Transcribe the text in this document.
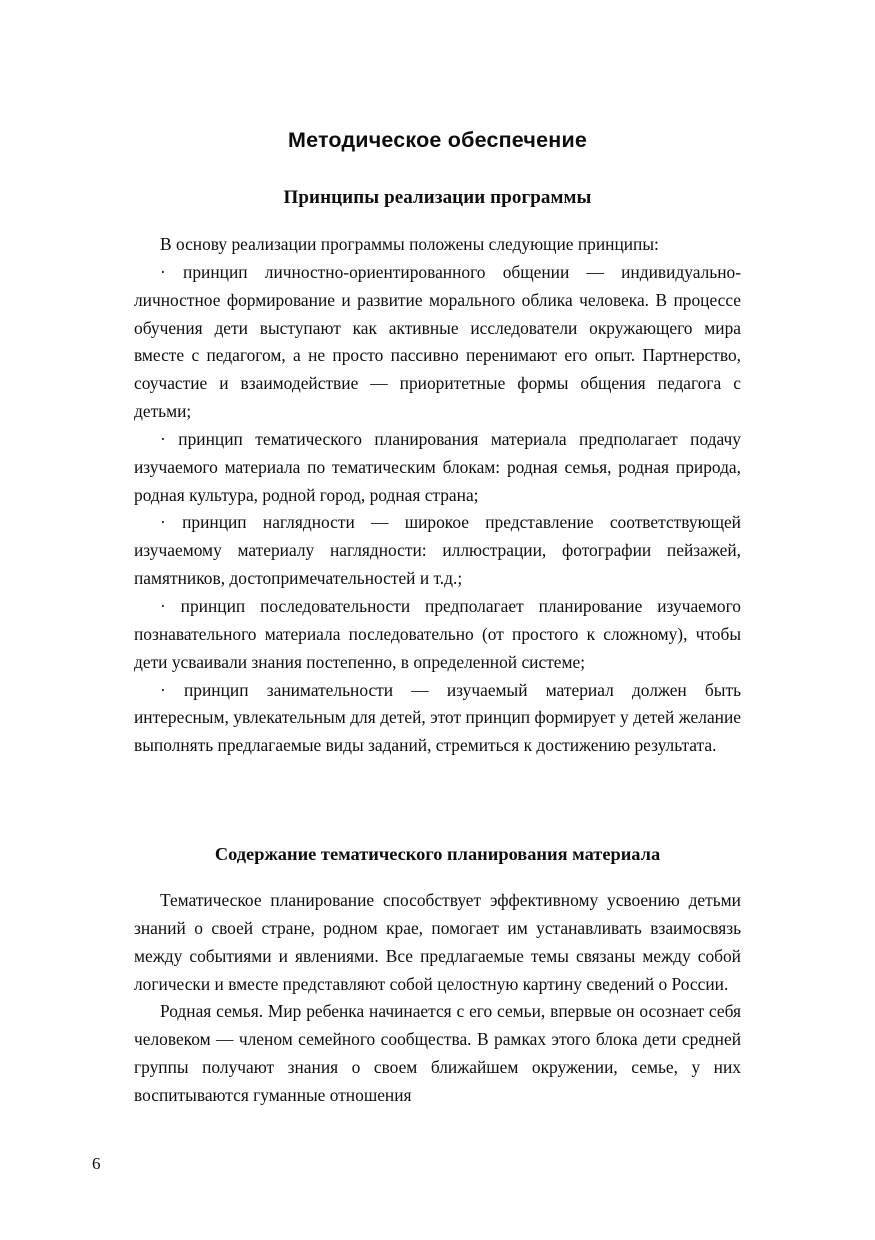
Методическое обеспечение
Принципы реализации программы

В основу реализации программы положены следующие принципы:

· принцип личностно-ориентированного общении — индивидуально-личностное формирование и развитие морального облика человека. В процессе обучения дети выступают как активные исследователи окружающего мира вместе с педагогом, а не просто пассивно перенимают его опыт. Партнерство, соучастие и взаимодействие — приоритетные формы общения педагога с детьми;

· принцип тематического планирования материала предполагает подачу изучаемого материала по тематическим блокам: родная семья, родная природа, родная культура, родной город, родная страна;

· принцип наглядности — широкое представление соответствующей изучаемому материалу наглядности: иллюстрации, фотографии пейзажей, памятников, достопримечательностей и т.д.;

· принцип последовательности предполагает планирование изучаемого познавательного материала последовательно (от простого к сложному), чтобы дети усваивали знания постепенно, в определенной системе;

· принцип занимательности — изучаемый материал должен быть интересным, увлекательным для детей, этот принцип формирует у детей желание выполнять предлагаемые виды заданий, стремиться к достижению результата.

Содержание тематического планирования материала

Тематическое планирование способствует эффективному усвоению детьми знаний о своей стране, родном крае, помогает им устанавливать взаимосвязь между событиями и явлениями. Все предлагаемые темы связаны между собой логически и вместе представляют собой целостную картину сведений о России.

Родная семья. Мир ребенка начинается с его семьи, впервые он осознает себя человеком — членом семейного сообщества. В рамках этого блока дети средней группы получают знания о своем ближайшем окружении, семье, у них воспитываются гуманные отношения

6
